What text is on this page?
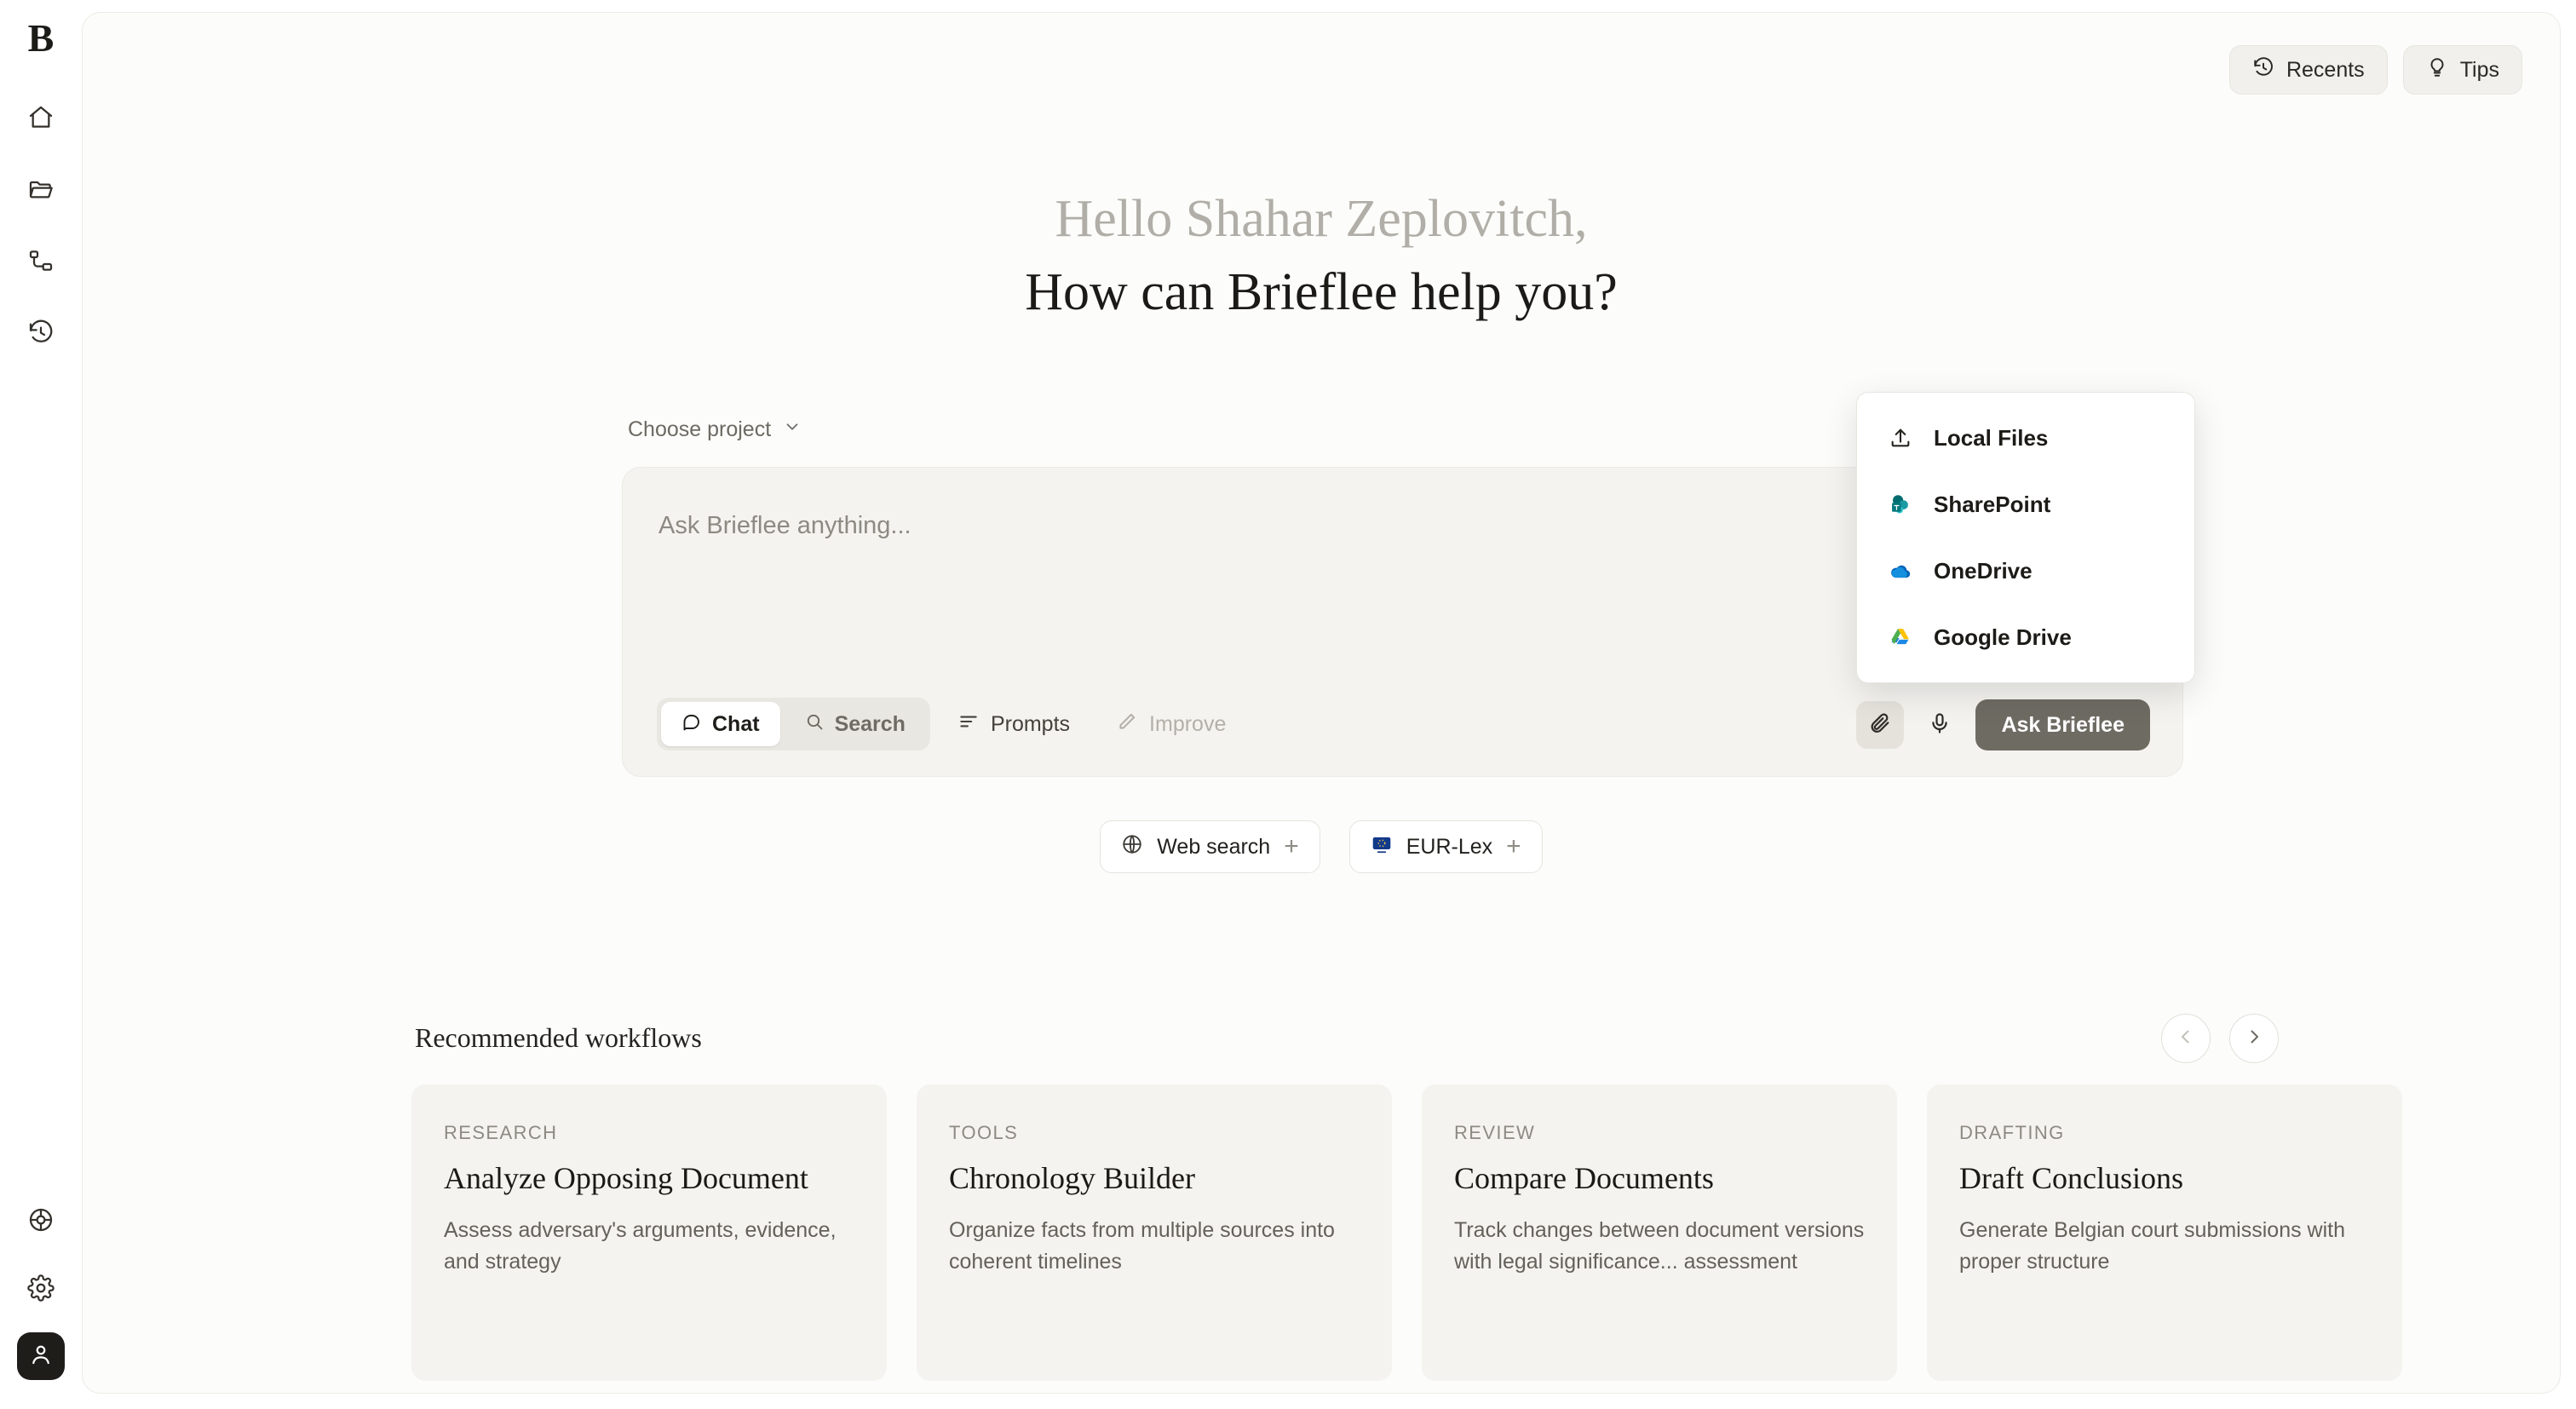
B
Recents	Tips
Hello Shahar Zeplovitch,
How can Brieflee help you?
Choose project
Ask Brieflee anything...
Chat	Search	Prompts	Improve	Ask Brieflee
Web search +	EUR-Lex +
Local Files
SharePoint
OneDrive
Google Drive
Recommended workflows
RESEARCH
Analyze Opposing Document
Assess adversary's arguments, evidence, and strategy
TOOLS
Chronology Builder
Organize facts from multiple sources into coherent timelines
REVIEW
Compare Documents
Track changes between document versions with legal significance... assessment
DRAFTING
Draft Conclusions
Generate Belgian court submissions with proper structure
